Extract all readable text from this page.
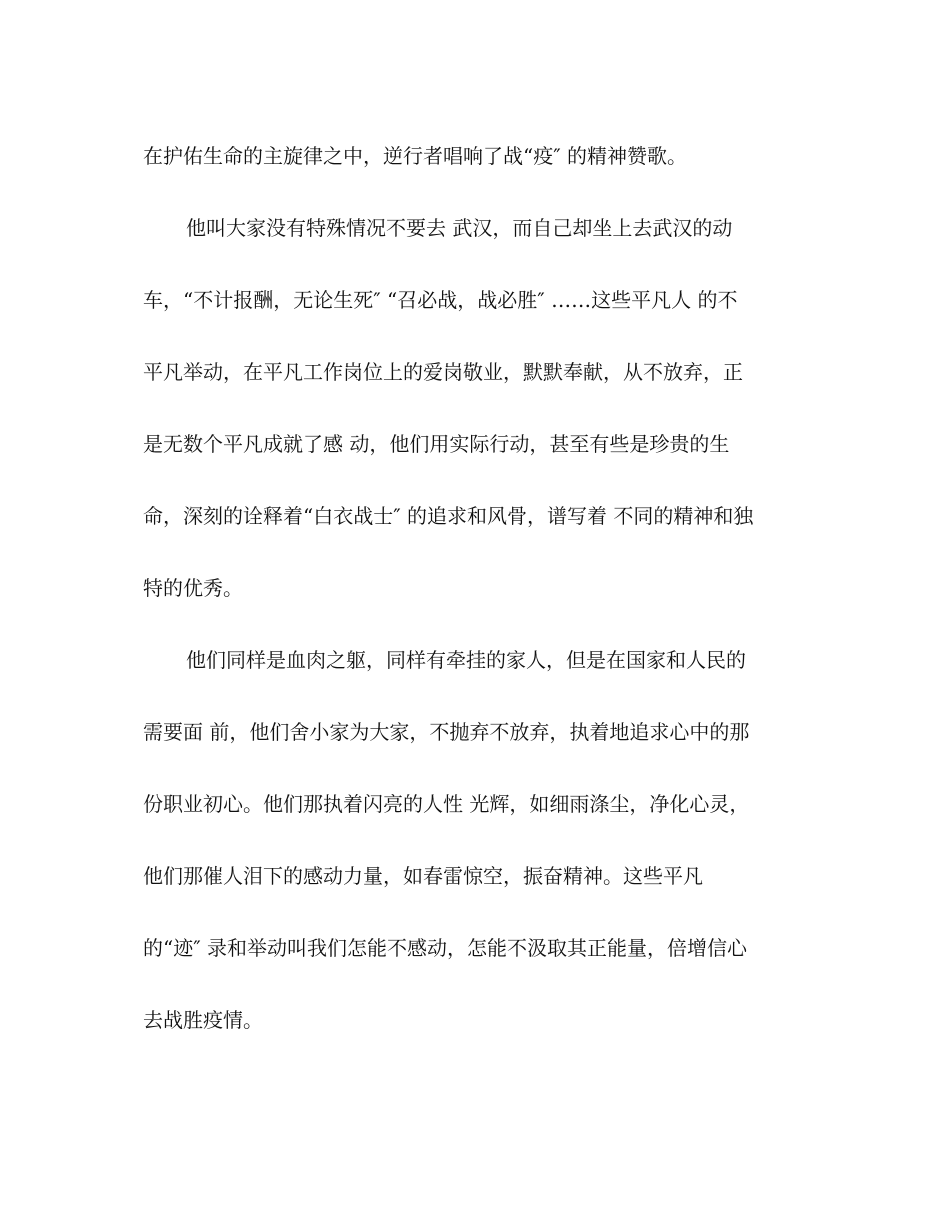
在护佑生命的主旋律之中，逆行者唱响了战“疫″ 的精神赞歌。

他叫大家没有特殊情况不要去 武汉，而自己却坐上去武汉的动

车，“不计报酬，无论生死″ “召必战，战必胜″ ……这些平凡人 的不

平凡举动，在平凡工作岗位上的爱岗敬业，默默奉献，从不放弃，正

是无数个平凡成就了感 动，他们用实际行动，甚至有些是珍贵的生

命，深刻的诠释着“白衣战士″ 的追求和风骨，谱写着 不同的精神和独

特的优秀。

他们同样是血肉之躯，同样有牵挂的家人，但是在国家和人民的

需要面 前，他们舍小家为大家，不抛弃不放弃，执着地追求心中的那

份职业初心。他们那执着闪亮的人性 光辉，如细雨涤尘，净化心灵，

他们那催人泪下的感动力量，如春雷惊空，振奋精神。这些平凡

的“迹″ 录和举动叫我们怎能不感动，怎能不汲取其正能量，倍增信心

去战胜疫情。
